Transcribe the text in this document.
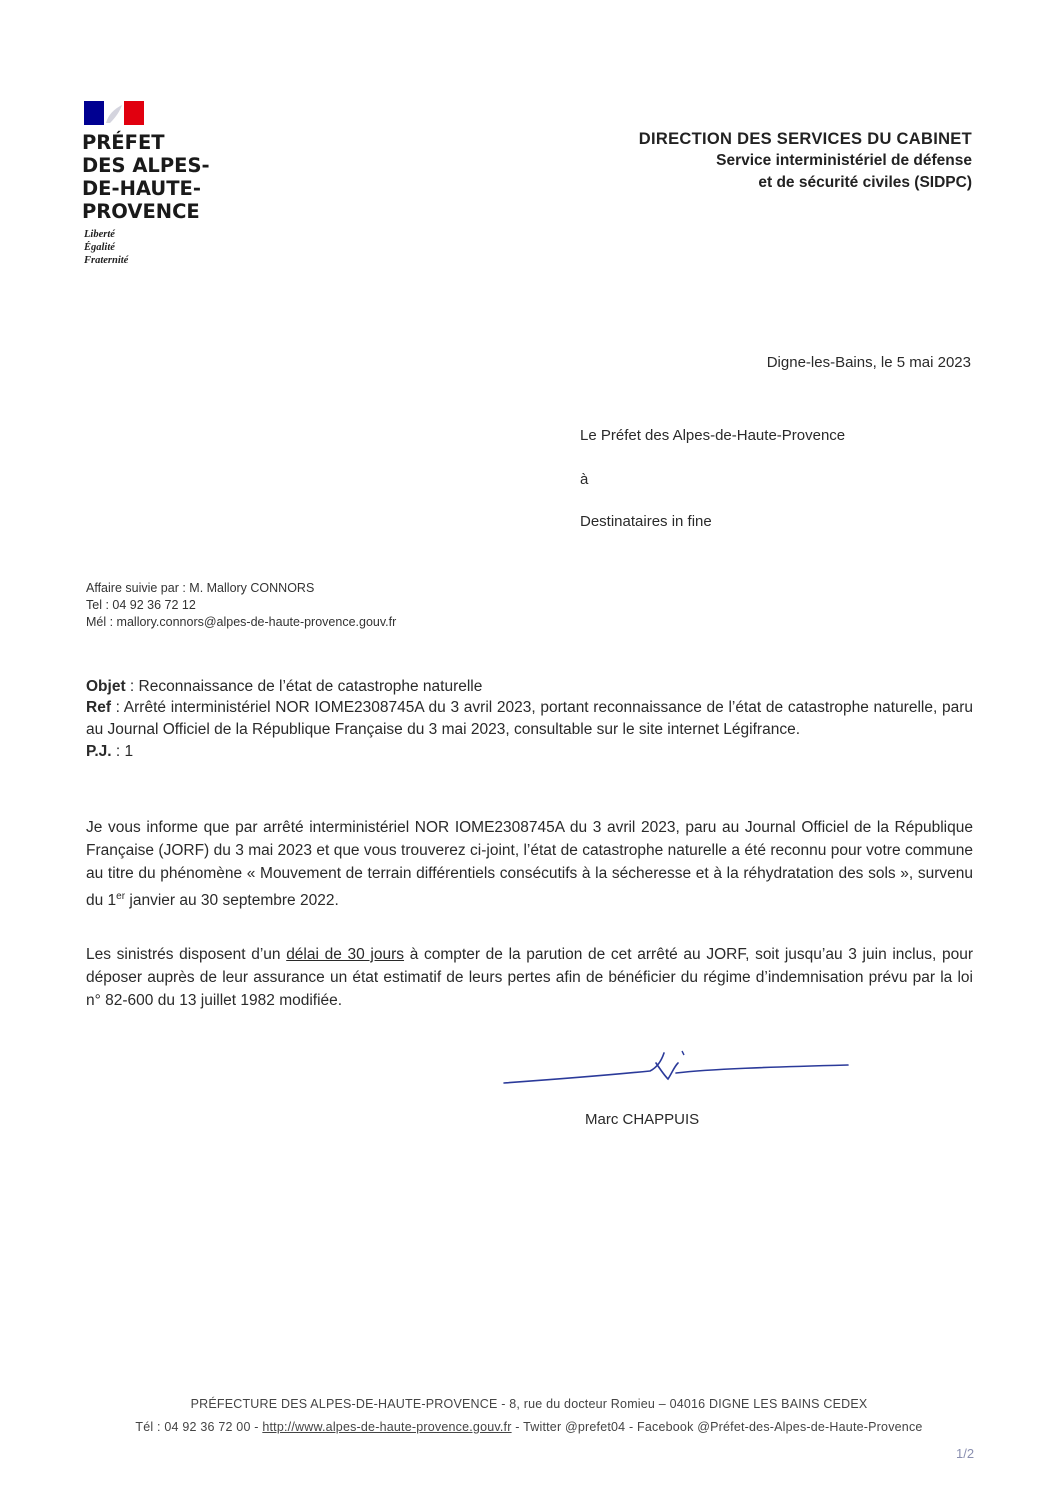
PRÉFET
DES ALPES-
DE-HAUTE-
PROVENCE
Liberté
Égalité
Fraternité
DIRECTION DES SERVICES DU CABINET
Service interministériel de défense
et de sécurité civiles (SIDPC)
Digne-les-Bains, le 5 mai 2023
Le Préfet des Alpes-de-Haute-Provence
à
Destinataires in fine
Affaire suivie par : M. Mallory CONNORS
Tel : 04 92 36 72 12
Mél : mallory.connors@alpes-de-haute-provence.gouv.fr
Objet : Reconnaissance de l’état de catastrophe naturelle
Ref : Arrêté interministériel NOR IOME2308745A du 3 avril 2023, portant reconnaissance de l’état de catastrophe naturelle, paru au Journal Officiel de la République Française du 3 mai 2023, consultable sur le site internet Légifrance.
P.J. : 1
Je vous informe que par arrêté interministériel NOR IOME2308745A du 3 avril 2023, paru au Journal Officiel de la République Française (JORF) du 3 mai 2023 et que vous trouverez ci-joint, l’état de catastrophe naturelle a été reconnu pour votre commune au titre du phénomène « Mouvement de terrain différentiels consécutifs à la sécheresse et à la réhydratation des sols », survenu du 1er janvier au 30 septembre 2022.
Les sinistrés disposent d’un délai de 30 jours à compter de la parution de cet arrêté au JORF, soit jusqu’au 3 juin inclus, pour déposer auprès de leur assurance un état estimatif de leurs pertes afin de bénéficier du régime d’indemnisation prévu par la loi n° 82-600 du 13 juillet 1982 modifiée.
Marc CHAPPUIS
PRÉFECTURE DES ALPES-DE-HAUTE-PROVENCE - 8, rue du docteur Romieu – 04016 DIGNE LES BAINS CEDEX
Tél : 04 92 36 72 00 - http://www.alpes-de-haute-provence.gouv.fr - Twitter @prefet04 - Facebook @Préfet-des-Alpes-de-Haute-Provence
1/2
